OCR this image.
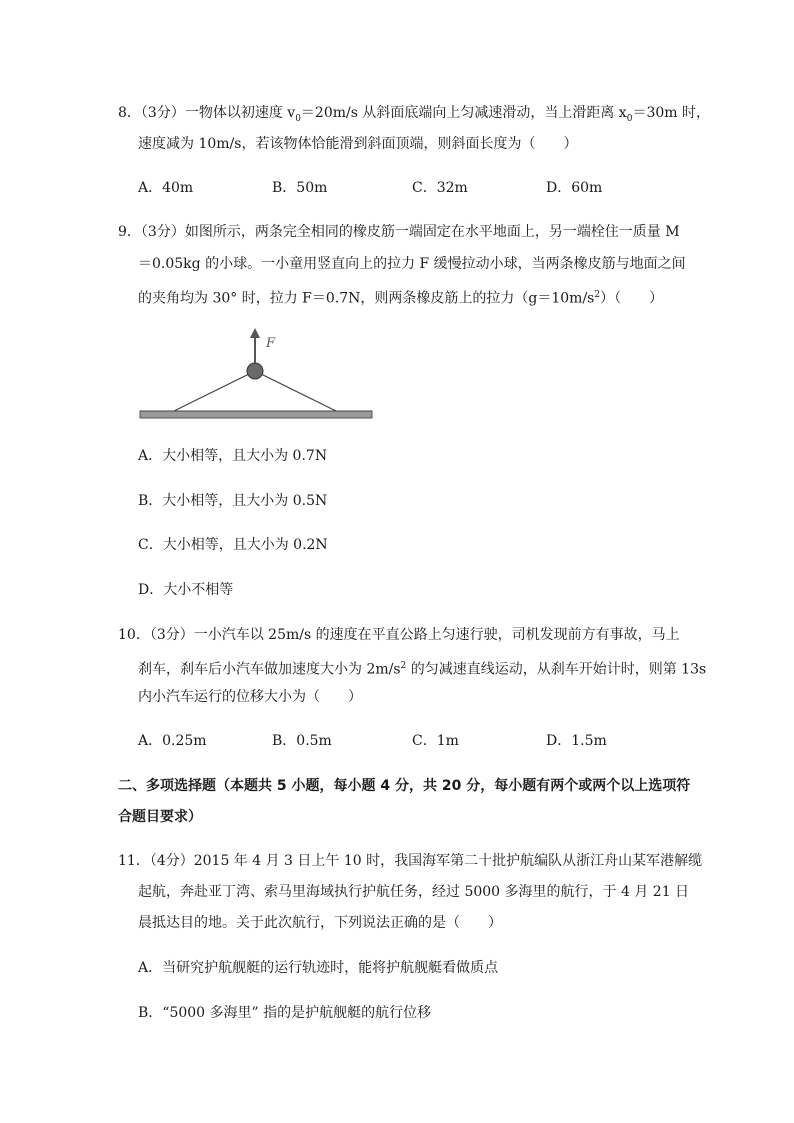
8．（3分）一物体以初速度 $v_0=20m/s$ 从斜面底端向上匀减速滑动，当上滑距离 $x_0=30m$ 时，
速度减为 10m/s，若该物体恰能滑到斜面顶端，则斜面长度为（　　）
A．40m	B．50m	C．32m	D．60m
9．（3分）如图所示，两条完全相同的橡皮筋一端固定在水平地面上，另一端栓住一质量 M
＝0.05kg 的小球。一小童用竖直向上的拉力 F 缓慢拉动小球，当两条橡皮筋与地面之间
的夹角均为 30° 时，拉力 F＝0.7N，则两条橡皮筋上的拉力$(g=10m/s^2)$（　　）
F
A．大小相等，且大小为 0.7N
B．大小相等，且大小为 0.5N
C．大小相等，且大小为 0.2N
D．大小不相等
10．（3分）一小汽车以 25m/s 的速度在平直公路上匀速行驶，司机发现前方有事故，马上
刹车，刹车后小汽车做加速度大小为 $2m/s^2$ 的匀减速直线运动，从刹车开始计时，则第 13s
内小汽车运行的位移大小为（　　）
A．0.25m	B．0.5m	C．1m	D．1.5m
二、多项选择题（本题共 5 小题，每小题 4 分，共 20 分，每小题有两个或两个以上选项符
合题目要求）
11．（4分）2015 年 4 月 3 日上午 10 时，我国海军第二十批护航编队从浙江舟山某军港解缆
起航，奔赴亚丁湾、索马里海域执行护航任务，经过 5000 多海里的航行，于 4 月 21 日
晨抵达目的地。关于此次航行，下列说法正确的是（　　）
A．当研究护航舰艇的运行轨迹时，能将护航舰艇看做质点
B．“5000 多海里” 指的是护航舰艇的航行位移
